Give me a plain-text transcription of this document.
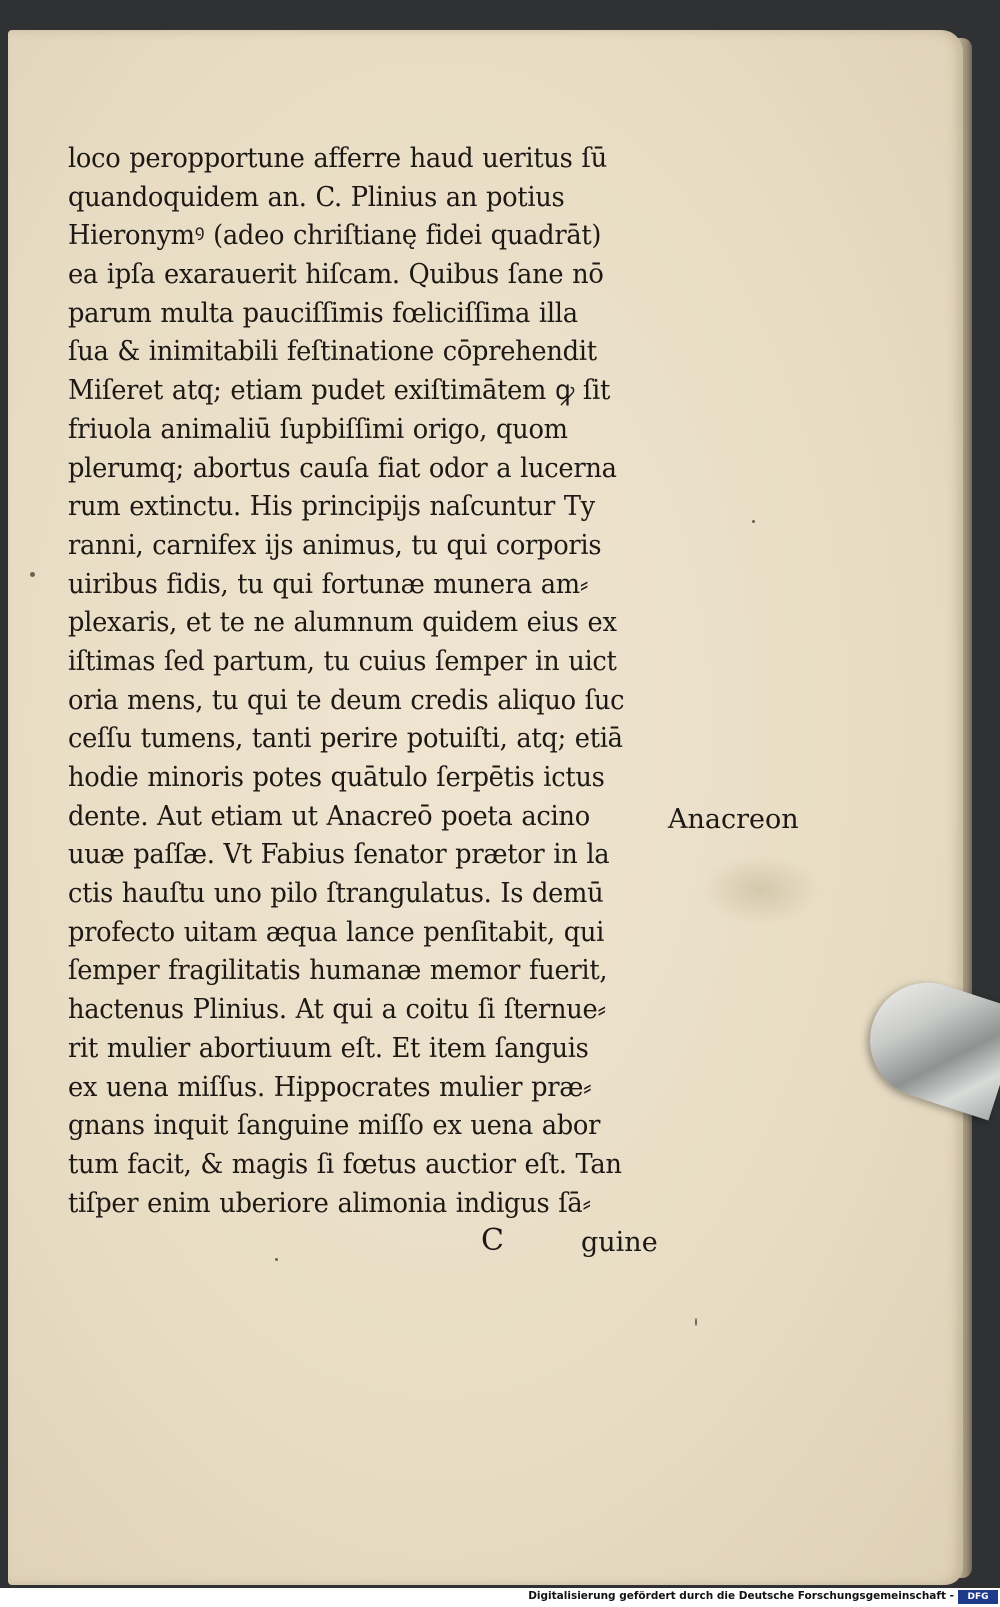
loco peropportune afferre haud ueritus ſū
quandoquidem an. C. Plinius an potius
Hieronymꝰ (adeo chriſtianę fidei quadrāt)
ea ipſa exarauerit hiſcam. Quibus ſane nō
parum multa pauciſſimis fœliciſſima illa
ſua & inimitabili feſtinatione cōprehendit
Miſeret atq; etiam pudet exiſtimātem ꝙ ſit
friuola animaliū ſupbiſſimi origo, quom
plerumq; abortus cauſa fiat odor a lucerna
rum extinctu. His principijs naſcuntur Ty
ranni, carnifex ijs animus, tu qui corporis
uiribus fidis, tu qui fortunæ munera am⸗
plexaris, et te ne alumnum quidem eius ex
iſtimas ſed partum, tu cuius ſemper in uict
oria mens, tu qui te deum credis aliquo ſuc
ceſſu tumens, tanti perire potuiſti, atq; etiā
hodie minoris potes quātulo ſerpētis ictus
dente. Aut etiam ut Anacreō poeta acino
uuæ paſſæ. Vt Fabius ſenator prætor in la
ctis hauſtu uno pilo ſtrangulatus. Is demū
profecto uitam æqua lance penſitabit, qui
ſemper fragilitatis humanæ memor fuerit,
hactenus Plinius. At qui a coitu ſi ſternue⸗
rit mulier abortiuum eſt. Et item ſanguis
ex uena miſſus. Hippocrates mulier præ⸗
gnans inquit ſanguine miſſo ex uena abor
tum facit, & magis ſi fœtus auctior eſt. Tan
tiſper enim uberiore alimonia indigus ſā⸗
C	guine
Anacreon
Digitalisierung gefördert durch die Deutsche Forschungsgemeinschaft -	DFG
